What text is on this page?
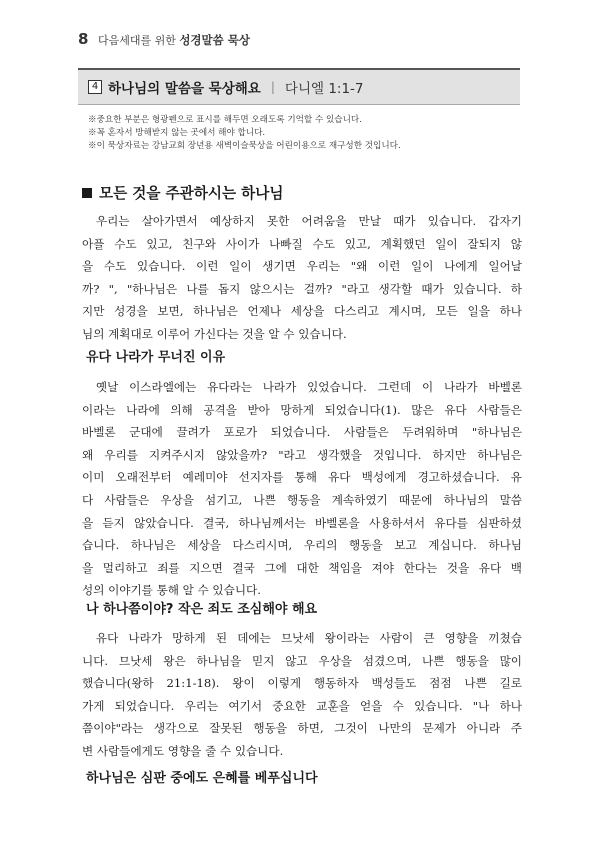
8 다음세대를 위한 성경말씀 묵상
4 하나님의 말씀을 묵상해요 | 다니엘 1:1-7
※중요한 부분은 형광펜으로 표시를 해두면 오래도록 기억할 수 있습니다.
※꼭 혼자서 방해받지 않는 곳에서 해야 합니다.
※이 묵상자료는 강남교회 장년용 새벽이슬묵상을 어린이용으로 재구성한 것입니다.
모든 것을 주관하시는 하나님
우리는 살아가면서 예상하지 못한 어려움을 만날 때가 있습니다. 갑자기
아플 수도 있고, 친구와 사이가 나빠질 수도 있고, 계획했던 일이 잘되지 않
을 수도 있습니다. 이런 일이 생기면 우리는 "왜 이런 일이 나에게 일어날
까? ", "하나님은 나를 돕지 않으시는 걸까? "라고 생각할 때가 있습니다. 하
지만 성경을 보면, 하나님은 언제나 세상을 다스리고 계시며, 모든 일을 하나
님의 계획대로 이루어 가신다는 것을 알 수 있습니다.
유다 나라가 무너진 이유
옛날 이스라엘에는 유다라는 나라가 있었습니다. 그런데 이 나라가 바벨론
이라는 나라에 의해 공격을 받아 망하게 되었습니다(1). 많은 유다 사람들은
바벨론 군대에 끌려가 포로가 되었습니다. 사람들은 두려워하며 "하나님은
왜 우리를 지켜주시지 않았을까? "라고 생각했을 것입니다. 하지만 하나님은
이미 오래전부터 예레미야 선지자를 통해 유다 백성에게 경고하셨습니다. 유
다 사람들은 우상을 섬기고, 나쁜 행동을 계속하였기 때문에 하나님의 말씀
을 듣지 않았습니다. 결국, 하나님께서는 바벨론을 사용하셔서 유다를 심판하셨
습니다. 하나님은 세상을 다스리시며, 우리의 행동을 보고 계십니다. 하나님
을 멀리하고 죄를 지으면 결국 그에 대한 책임을 져야 한다는 것을 유다 백
성의 이야기를 통해 알 수 있습니다.
나 하나쯤이야? 작은 죄도 조심해야 해요
유다 나라가 망하게 된 데에는 므낫세 왕이라는 사람이 큰 영향을 끼쳤습
니다. 므낫세 왕은 하나님을 믿지 않고 우상을 섬겼으며, 나쁜 행동을 많이
했습니다(왕하 21:1-18). 왕이 이렇게 행동하자 백성들도 점점 나쁜 길로
가게 되었습니다. 우리는 여기서 중요한 교훈을 얻을 수 있습니다. "나 하나
쯤이야"라는 생각으로 잘못된 행동을 하면, 그것이 나만의 문제가 아니라 주
변 사람들에게도 영향을 줄 수 있습니다.
하나님은 심판 중에도 은혜를 베푸십니다
